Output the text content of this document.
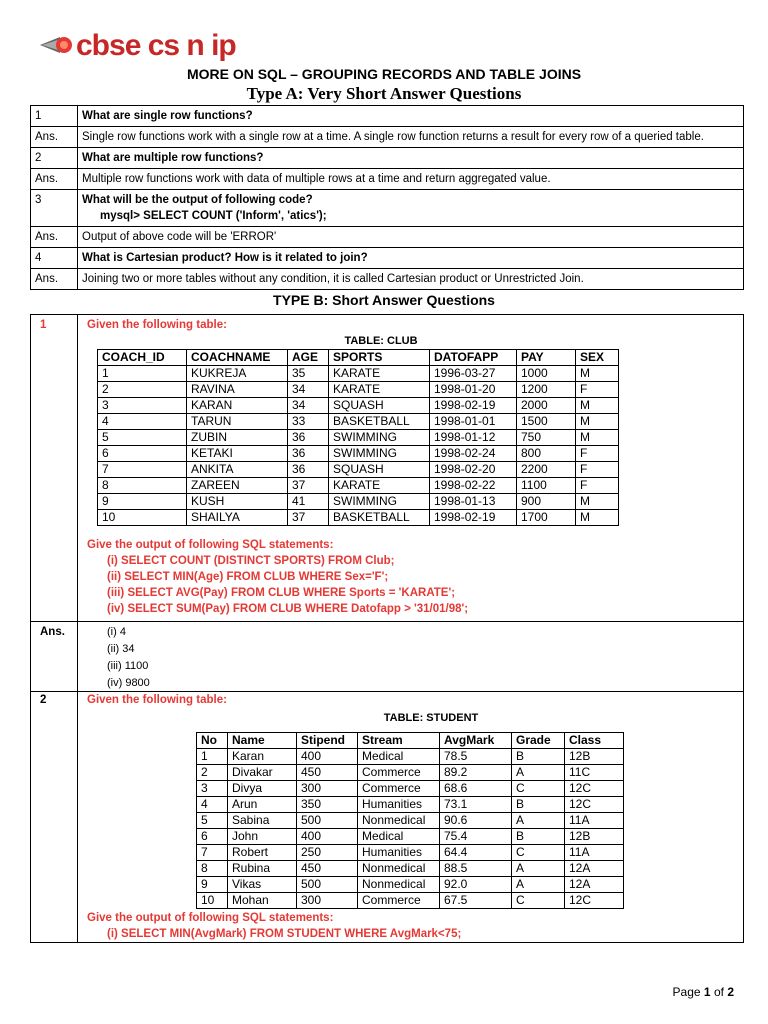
cbse cs n ip
MORE ON SQL – GROUPING RECORDS AND TABLE JOINS
Type A: Very Short Answer Questions
1	What are single row functions?
Ans.	Single row functions work with a single row at a time. A single row function returns a result for every row of a queried table.
2	What are multiple row functions?
Ans.	Multiple row functions work with data of multiple rows at a time and return aggregated value.
3	What will be the output of following code?
mysql> SELECT COUNT ('Inform', 'atics');

Ans.	Output of above code will be 'ERROR'
4	What is Cartesian product? How is it related to join?
Ans.	Joining two or more tables without any condition, it is called Cartesian product or Unrestricted Join.
TYPE B: Short Answer Questions
1	Given the following table:
TABLE: CLUB
COACH_ID	COACHNAME	AGE	SPORTS	DATOFAPP	PAY	SEX
1	KUKREJA	35	KARATE	1996-03-27	1000	M
2	RAVINA	34	KARATE	1998-01-20	1200	F
3	KARAN	34	SQUASH	1998-02-19	2000	M
4	TARUN	33	BASKETBALL	1998-01-01	1500	M
5	ZUBIN	36	SWIMMING	1998-01-12	750	M
6	KETAKI	36	SWIMMING	1998-02-24	800	F
7	ANKITA	36	SQUASH	1998-02-20	2200	F
8	ZAREEN	37	KARATE	1998-02-22	1100	F
9	KUSH	41	SWIMMING	1998-01-13	900	M
10	SHAILYA	37	BASKETBALL	1998-02-19	1700	M
Give the output of following SQL statements:
(i) SELECT COUNT (DISTINCT SPORTS) FROM Club;
(ii) SELECT MIN(Age) FROM CLUB WHERE Sex='F';
(iii) SELECT AVG(Pay) FROM CLUB WHERE Sports = 'KARATE';
(iv) SELECT SUM(Pay) FROM CLUB WHERE Datofapp > '31/01/98';
Ans.	(i) 4
(ii) 34
(iii) 1100
(iv) 9800
2	Given the following table:
TABLE: STUDENT
No	Name	Stipend	Stream	AvgMark	Grade	Class
1	Karan	400	Medical	78.5	B	12B
2	Divakar	450	Commerce	89.2	A	11C
3	Divya	300	Commerce	68.6	C	12C
4	Arun	350	Humanities	73.1	B	12C
5	Sabina	500	Nonmedical	90.6	A	11A
6	John	400	Medical	75.4	B	12B
7	Robert	250	Humanities	64.4	C	11A
8	Rubina	450	Nonmedical	88.5	A	12A
9	Vikas	500	Nonmedical	92.0	A	12A
10	Mohan	300	Commerce	67.5	C	12C
Give the output of following SQL statements:
(i) SELECT MIN(AvgMark) FROM STUDENT WHERE AvgMark<75;
Page 1 of 2
